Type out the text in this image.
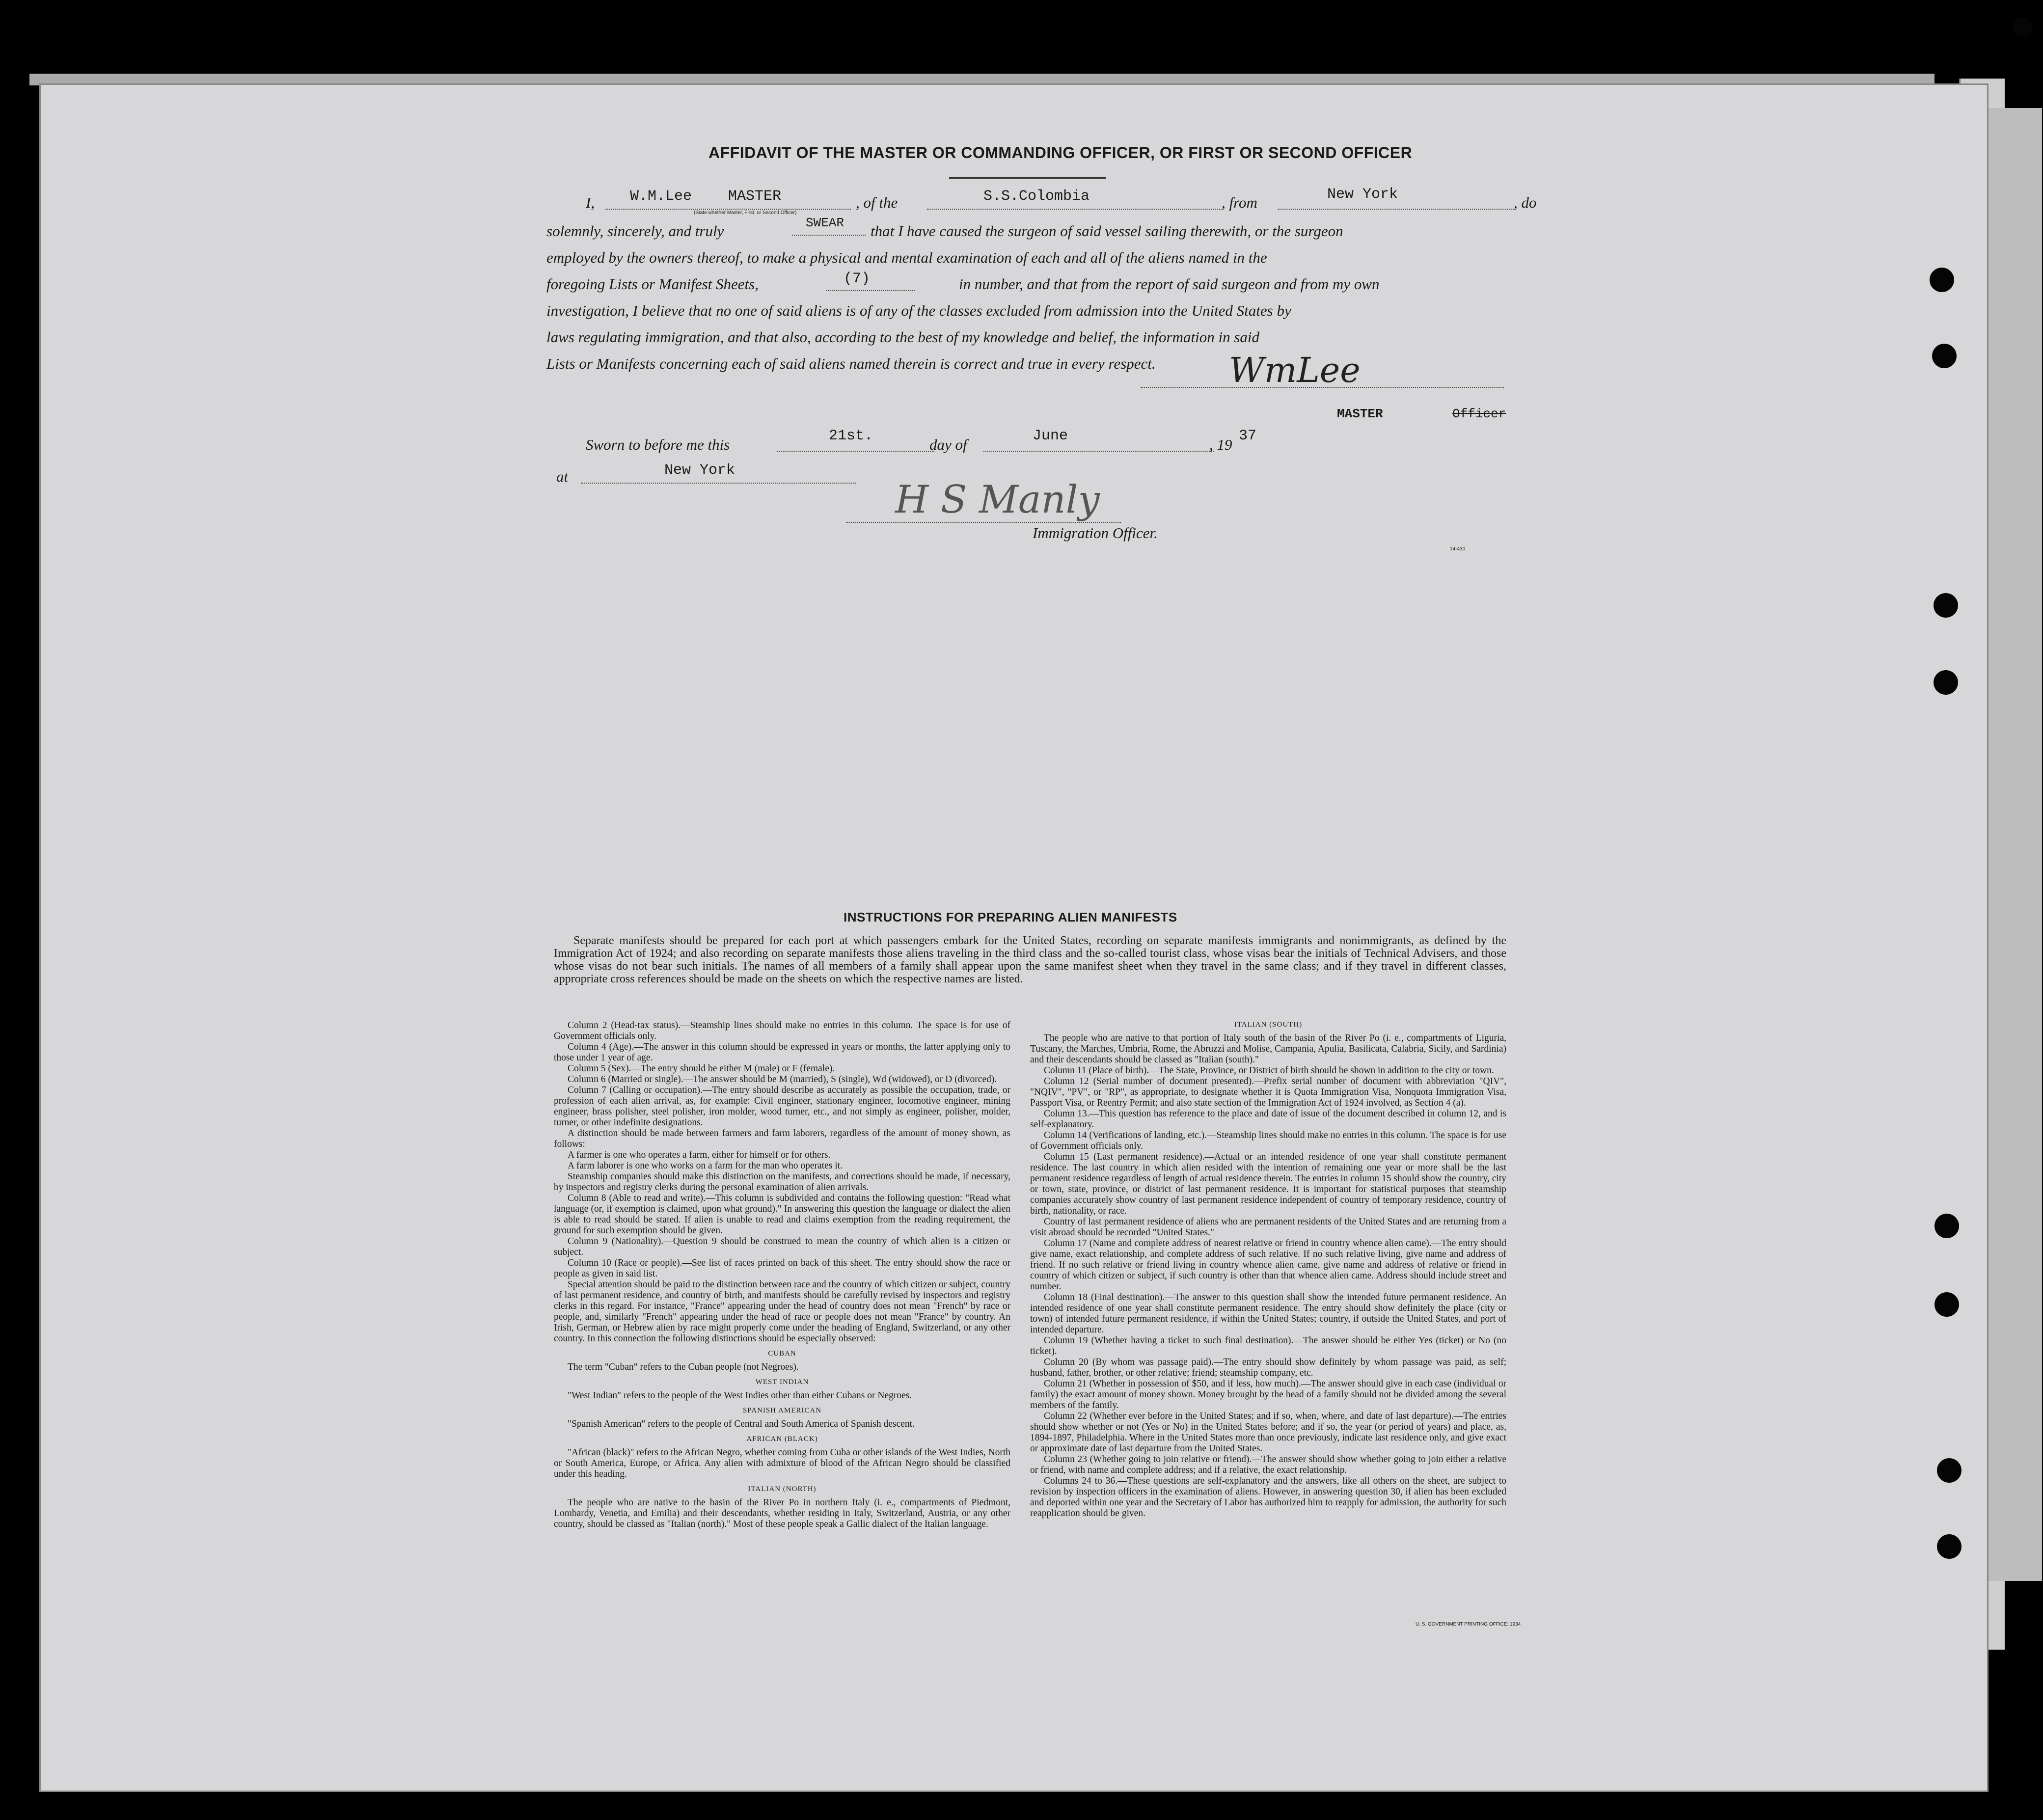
AFFIDAVIT OF THE MASTER OR COMMANDING OFFICER, OR FIRST OR SECOND OFFICER
I, W.M.Lee MASTER
(State whether Master, First, or Second Officer)
, of the	S.S.Colombia	, from	New York	, do
solemnly, sincerely, and truly	SWEAR that I have caused the surgeon of said vessel sailing therewith, or the surgeon
employed by the owners thereof, to make a physical and mental examination of each and all of the aliens named in the
foregoing Lists or Manifest Sheets,	(7)	in number, and that from the report of said surgeon and from my own
investigation, I believe that no one of said aliens is of any of the classes excluded from admission into the United States by
laws regulating immigration, and that also, according to the best of my knowledge and belief, the information in said
Lists or Manifests concerning each of said aliens named therein is correct and true in every respect. WmLee
MASTER	Officer
Sworn to before me this	21st.	day of	June	, 19 37
at	New York
H S Manly
Immigration Officer.
14-430
INSTRUCTIONS FOR PREPARING ALIEN MANIFESTS
Separate manifests should be prepared for each port at which passengers embark for the United States, recording on separate manifests immigrants and nonimmigrants, as defined by the Immigration Act of 1924; and also recording on separate manifests those aliens traveling in the third class and the so-called tourist class, whose visas bear the initials of Technical Advisers, and those whose visas do not bear such initials. The names of all members of a family shall appear upon the same manifest sheet when they travel in the same class; and if they travel in different classes, appropriate cross references should be made on the sheets on which the respective names are listed.

Column 2 (Head-tax status).—Steamship lines should make no entries in this column. The space is for use of Government officials only.

Column 4 (Age).—The answer in this column should be expressed in years or months, the latter applying only to those under 1 year of age.

Column 5 (Sex).—The entry should be either M (male) or F (female).

Column 6 (Married or single).—The answer should be M (married), S (single), Wd (widowed), or D (divorced).

Column 7 (Calling or occupation).—The entry should describe as accurately as possible the occupation, trade, or profession of each alien arrival, as, for example: Civil engineer, stationary engineer, locomotive engineer, mining engineer, brass polisher, steel polisher, iron molder, wood turner, etc., and not simply as engineer, polisher, molder, turner, or other indefinite designations.

A distinction should be made between farmers and farm laborers, regardless of the amount of money shown, as follows:

A farmer is one who operates a farm, either for himself or for others.

A farm laborer is one who works on a farm for the man who operates it.

Steamship companies should make this distinction on the manifests, and corrections should be made, if necessary, by inspectors and registry clerks during the personal examination of alien arrivals.

Column 8 (Able to read and write).—This column is subdivided and contains the following question: "Read what language (or, if exemption is claimed, upon what ground)." In answering this question the language or dialect the alien is able to read should be stated. If alien is unable to read and claims exemption from the reading requirement, the ground for such exemption should be given.

Column 9 (Nationality).—Question 9 should be construed to mean the country of which alien is a citizen or subject.

Column 10 (Race or people).—See list of races printed on back of this sheet. The entry should show the race or people as given in said list.

Special attention should be paid to the distinction between race and the country of which citizen or subject, country of last permanent residence, and country of birth, and manifests should be carefully revised by inspectors and registry clerks in this regard. For instance, "France" appearing under the head of country does not mean "French" by race or people, and, similarly "French" appearing under the head of race or people does not mean "France" by country. An Irish, German, or Hebrew alien by race might properly come under the heading of England, Switzerland, or any other country. In this connection the following distinctions should be especially observed:

CUBAN

The term "Cuban" refers to the Cuban people (not Negroes).

WEST INDIAN

"West Indian" refers to the people of the West Indies other than either Cubans or Negroes.

SPANISH AMERICAN

"Spanish American" refers to the people of Central and South America of Spanish descent.

AFRICAN (BLACK)

"African (black)" refers to the African Negro, whether coming from Cuba or other islands of the West Indies, North or South America, Europe, or Africa. Any alien with admixture of blood of the African Negro should be classified under this heading.

ITALIAN (NORTH)

The people who are native to the basin of the River Po in northern Italy (i. e., compartments of Piedmont, Lombardy, Venetia, and Emilia) and their descendants, whether residing in Italy, Switzerland, Austria, or any other country, should be classed as "Italian (north)." Most of these people speak a Gallic dialect of the Italian language.

ITALIAN (SOUTH)

The people who are native to that portion of Italy south of the basin of the River Po (i. e., compartments of Liguria, Tuscany, the Marches, Umbria, Rome, the Abruzzi and Molise, Campania, Apulia, Basilicata, Calabria, Sicily, and Sardinia) and their descendants should be classed as "Italian (south)."

Column 11 (Place of birth).—The State, Province, or District of birth should be shown in addition to the city or town.

Column 12 (Serial number of document presented).—Prefix serial number of document with abbreviation "QIV", "NQIV", "PV", or "RP", as appropriate, to designate whether it is Quota Immigration Visa, Nonquota Immigration Visa, Passport Visa, or Reentry Permit; and also state section of the Immigration Act of 1924 involved, as Section 4 (a).

Column 13.—This question has reference to the place and date of issue of the document described in column 12, and is self-explanatory.

Column 14 (Verifications of landing, etc.).—Steamship lines should make no entries in this column. The space is for use of Government officials only.

Column 15 (Last permanent residence).—Actual or an intended residence of one year shall constitute permanent residence. The last country in which alien resided with the intention of remaining one year or more shall be the last permanent residence regardless of length of actual residence therein. The entries in column 15 should show the country, city or town, state, province, or district of last permanent residence. It is important for statistical purposes that steamship companies accurately show country of last permanent residence independent of country of temporary residence, country of birth, nationality, or race.

Country of last permanent residence of aliens who are permanent residents of the United States and are returning from a visit abroad should be recorded "United States."

Column 17 (Name and complete address of nearest relative or friend in country whence alien came).—The entry should give name, exact relationship, and complete address of such relative. If no such relative living, give name and address of friend. If no such relative or friend living in country whence alien came, give name and address of relative or friend in country of which citizen or subject, if such country is other than that whence alien came. Address should include street and number.

Column 18 (Final destination).—The answer to this question shall show the intended future permanent residence. An intended residence of one year shall constitute permanent residence. The entry should show definitely the place (city or town) of intended future permanent residence, if within the United States; country, if outside the United States, and port of intended departure.

Column 19 (Whether having a ticket to such final destination).—The answer should be either Yes (ticket) or No (no ticket).

Column 20 (By whom was passage paid).—The entry should show definitely by whom passage was paid, as self; husband, father, brother, or other relative; friend; steamship company, etc.

Column 21 (Whether in possession of $50, and if less, how much).—The answer should give in each case (individual or family) the exact amount of money shown. Money brought by the head of a family should not be divided among the several members of the family.

Column 22 (Whether ever before in the United States; and if so, when, where, and date of last departure).—The entries should show whether or not (Yes or No) in the United States before; and if so, the year (or period of years) and place, as, 1894-1897, Philadelphia. Where in the United States more than once previously, indicate last residence only, and give exact or approximate date of last departure from the United States.

Column 23 (Whether going to join relative or friend).—The answer should show whether going to join either a relative or friend, with name and complete address; and if a relative, the exact relationship.

Columns 24 to 36.—These questions are self-explanatory and the answers, like all others on the sheet, are subject to revision by inspection officers in the examination of aliens. However, in answering question 30, if alien has been excluded and deported within one year and the Secretary of Labor has authorized him to reapply for admission, the authority for such reapplication should be given.

U. S. GOVERNMENT PRINTING OFFICE: 1934
